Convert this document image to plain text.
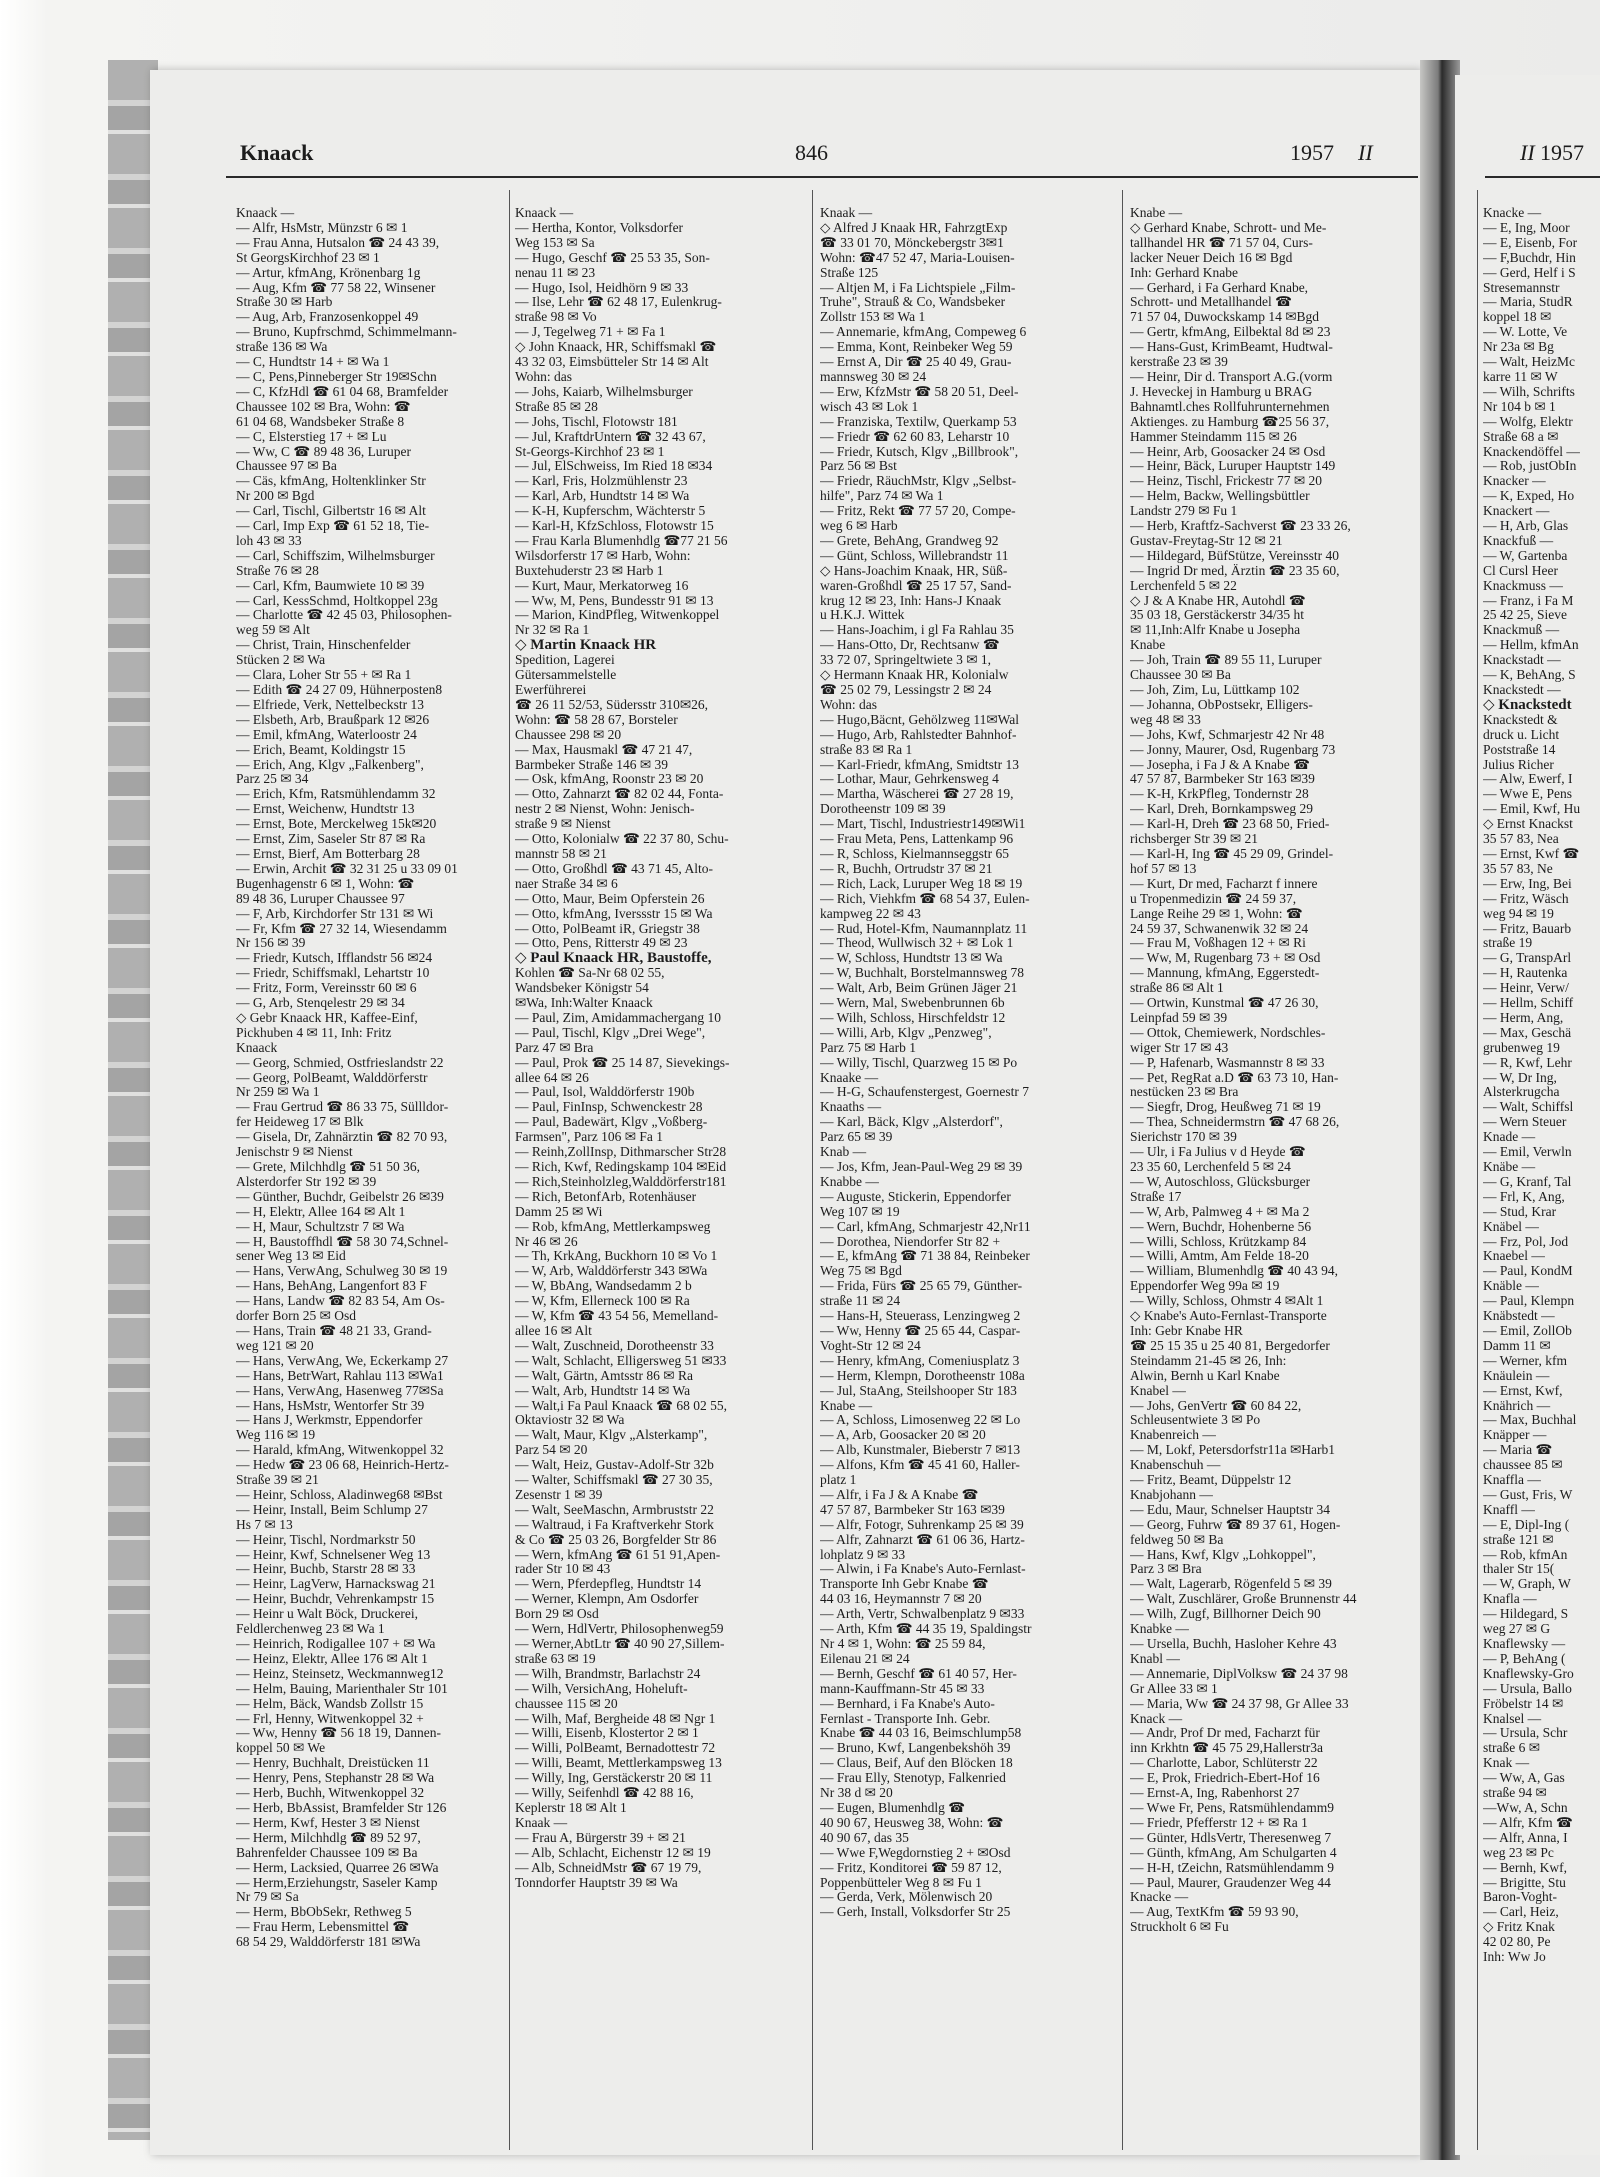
Knaack	846	1957 II	II 1957
Knaack —
— Alfr, HsMstr, Münzstr 6 ✉ 1
— Frau Anna, Hutsalon ☎ 24 43 39,
St GeorgsKirchhof 23 ✉ 1
— Artur, kfmAng, Krönenbarg 1g
— Aug, Kfm ☎ 77 58 22, Winsener
Straße 30 ✉ Harb
— Aug, Arb, Franzosenkoppel 49
— Bruno, Kupfrschmd, Schimmelmann-
straße 136 ✉ Wa
— C, Hundtstr 14 + ✉ Wa 1
— C, Pens,Pinneberger Str 19✉Schn
— C, KfzHdl ☎ 61 04 68, Bramfelder
Chaussee 102 ✉ Bra, Wohn: ☎
61 04 68, Wandsbeker Straße 8
— C, Elsterstieg 17 + ✉ Lu
— Ww, C ☎ 89 48 36, Luruper
Chaussee 97 ✉ Ba
— Cäs, kfmAng, Holtenklinker Str
Nr 200 ✉ Bgd
— Carl, Tischl, Gilbertstr 16 ✉ Alt
— Carl, Imp Exp ☎ 61 52 18, Tie-
loh 43 ✉ 33
— Carl, Schiffszim, Wilhelmsburger
Straße 76 ✉ 28
— Carl, Kfm, Baumwiete 10 ✉ 39
— Carl, KessSchmd, Holtkoppel 23g
— Charlotte ☎ 42 45 03, Philosophen-
weg 59 ✉ Alt
— Christ, Train, Hinschenfelder
Stücken 2 ✉ Wa
— Clara, Loher Str 55 + ✉ Ra 1
— Edith ☎ 24 27 09, Hühnerposten8
— Elfriede, Verk, Nettelbeckstr 13
— Elsbeth, Arb, Braußpark 12 ✉26
— Emil, kfmAng, Waterloostr 24
— Erich, Beamt, Koldingstr 15
— Erich, Ang, Klgv „Falkenberg",
Parz 25 ✉ 34
— Erich, Kfm, Ratsmühlendamm 32
— Ernst, Weichenw, Hundtstr 13
— Ernst, Bote, Merckelweg 15k✉20
— Ernst, Zim, Saseler Str 87 ✉ Ra
— Ernst, Bierf, Am Botterbarg 28
— Erwin, Archit ☎ 32 31 25 u 33 09 01
Bugenhagenstr 6 ✉ 1, Wohn: ☎
89 48 36, Luruper Chaussee 97
— F, Arb, Kirchdorfer Str 131 ✉ Wi
— Fr, Kfm ☎ 27 32 14, Wiesendamm
Nr 156 ✉ 39
— Friedr, Kutsch, Ifflandstr 56 ✉24
— Friedr, Schiffsmakl, Lehartstr 10
— Fritz, Form, Vereinsstr 60 ✉ 6
— G, Arb, Stenqelestr 29 ✉ 34
◇ Gebr Knaack HR, Kaffee-Einf,
Pickhuben 4 ✉ 11, Inh: Fritz
Knaack
— Georg, Schmied, Ostfrieslandstr 22
— Georg, PolBeamt, Walddörferstr
Nr 259 ✉ Wa 1
— Frau Gertrud ☎ 86 33 75, Süllldor-
fer Heideweg 17 ✉ Blk
— Gisela, Dr, Zahnärztin ☎ 82 70 93,
Jenischstr 9 ✉ Nienst
— Grete, Milchhdlg ☎ 51 50 36,
Alsterdorfer Str 192 ✉ 39
— Günther, Buchdr, Geibelstr 26 ✉39
— H, Elektr, Allee 164 ✉ Alt 1
— H, Maur, Schultzstr 7 ✉ Wa
— H, Baustoffhdl ☎ 58 30 74,Schnel-
sener Weg 13 ✉ Eid
— Hans, VerwAng, Schulweg 30 ✉ 19
— Hans, BehAng, Langenfort 83 F
— Hans, Landw ☎ 82 83 54, Am Os-
dorfer Born 25 ✉ Osd
— Hans, Train ☎ 48 21 33, Grand-
weg 121 ✉ 20
— Hans, VerwAng, We, Eckerkamp 27
— Hans, BetrWart, Rahlau 113 ✉Wa1
— Hans, VerwAng, Hasenweg 77✉Sa
— Hans, HsMstr, Wentorfer Str 39
— Hans J, Werkmstr, Eppendorfer
Weg 116 ✉ 19
— Harald, kfmAng, Witwenkoppel 32
— Hedw ☎ 23 06 68, Heinrich-Hertz-
Straße 39 ✉ 21
— Heinr, Schloss, Aladinweg68 ✉Bst
— Heinr, Install, Beim Schlump 27
Hs 7 ✉ 13
— Heinr, Tischl, Nordmarkstr 50
— Heinr, Kwf, Schnelsener Weg 13
— Heinr, Buchb, Starstr 28 ✉ 33
— Heinr, LagVerw, Harnackswag 21
— Heinr, Buchdr, Vehrenkampstr 15
— Heinr u Walt Böck, Druckerei,
Feldlerchenweg 23 ✉ Wa 1
— Heinrich, Rodigallee 107 + ✉ Wa
— Heinz, Elektr, Allee 176 ✉ Alt 1
— Heinz, Steinsetz, Weckmannweg12
— Helm, Bauing, Marienthaler Str 101
— Helm, Bäck, Wandsb Zollstr 15
— Frl, Henny, Witwenkoppel 32 +
— Ww, Henny ☎ 56 18 19, Dannen-
koppel 50 ✉ We
— Henry, Buchhalt, Dreistücken 11
— Henry, Pens, Stephanstr 28 ✉ Wa
— Herb, Buchh, Witwenkoppel 32
— Herb, BbAssist, Bramfelder Str 126
— Herm, Kwf, Hester 3 ✉ Nienst
— Herm, Milchhdlg ☎ 89 52 97,
Bahrenfelder Chaussee 109 ✉ Ba
— Herm, Lacksied, Quarree 26 ✉Wa
— Herm,Erziehungstr, Saseler Kamp
Nr 79 ✉ Sa
— Herm, BbObSekr, Rethweg 5
— Frau Herm, Lebensmittel ☎
68 54 29, Walddörferstr 181 ✉Wa
Knaack —
— Hertha, Kontor, Volksdorfer
Weg 153 ✉ Sa
— Hugo, Geschf ☎ 25 53 35, Son-
nenau 11 ✉ 23
— Hugo, Isol, Heidhörn 9 ✉ 33
— Ilse, Lehr ☎ 62 48 17, Eulenkrug-
straße 98 ✉ Vo
— J, Tegelweg 71 + ✉ Fa 1
◇ John Knaack, HR, Schiffsmakl ☎
43 32 03, Eimsbütteler Str 14 ✉ Alt
Wohn: das
— Johs, Kaiarb, Wilhelmsburger
Straße 85 ✉ 28
— Johs, Tischl, Flotowstr 181
— Jul, KraftdrUntern ☎ 32 43 67,
St-Georgs-Kirchhof 23 ✉ 1
— Jul, ElSchweiss, Im Ried 18 ✉34
— Karl, Fris, Holzmühlenstr 23
— Karl, Arb, Hundtstr 14 ✉ Wa
— K-H, Kupferschm, Wächterstr 5
— Karl-H, KfzSchloss, Flotowstr 15
— Frau Karla Blumenhdlg ☎77 21 56
Wilsdorferstr 17 ✉ Harb, Wohn:
Buxtehuderstr 23 ✉ Harb 1
— Kurt, Maur, Merkatorweg 16
— Ww, M, Pens, Bundesstr 91 ✉ 13
— Marion, KindPfleg, Witwenkoppel
Nr 32 ✉ Ra 1
◇ Martin Knaack HR
Spedition, Lagerei
Gütersammelstelle
Ewerführerei
☎ 26 11 52/53, Südersstr 310✉26,
Wohn: ☎ 58 28 67, Borsteler
Chaussee 298 ✉ 20
— Max, Hausmakl ☎ 47 21 47,
Barmbeker Straße 146 ✉ 39
— Osk, kfmAng, Roonstr 23 ✉ 20
— Otto, Zahnarzt ☎ 82 02 44, Fonta-
nestr 2 ✉ Nienst, Wohn: Jenisch-
straße 9 ✉ Nienst
— Otto, Kolonialw ☎ 22 37 80, Schu-
mannstr 58 ✉ 21
— Otto, Großhdl ☎ 43 71 45, Alto-
naer Straße 34 ✉ 6
— Otto, Maur, Beim Opferstein 26
— Otto, kfmAng, Iverssstr 15 ✉ Wa
— Otto, PolBeamt iR, Griegstr 38
— Otto, Pens, Ritterstr 49 ✉ 23
◇ Paul Knaack HR, Baustoffe,
Kohlen ☎ Sa-Nr 68 02 55,
Wandsbeker Königstr 54
✉Wa, Inh:Walter Knaack
— Paul, Zim, Amidammachergang 10
— Paul, Tischl, Klgv „Drei Wege",
Parz 47 ✉ Bra
— Paul, Prok ☎ 25 14 87, Sievekings-
allee 64 ✉ 26
— Paul, Isol, Walddörferstr 190b
— Paul, FinInsp, Schwenckestr 28
— Paul, Badewärt, Klgv „Voßberg-
Farmsen", Parz 106 ✉ Fa 1
— Reinh,ZollInsp, Dithmarscher Str28
— Rich, Kwf, Redingskamp 104 ✉Eid
— Rich,Steinholzleg,Walddörferstr181
— Rich, BetonfArb, Rotenhäuser
Damm 25 ✉ Wi
— Rob, kfmAng, Mettlerkampsweg
Nr 46 ✉ 26
— Th, KrkAng, Buckhorn 10 ✉ Vo 1
— W, Arb, Walddörferstr 343 ✉Wa
— W, BbAng, Wandsedamm 2 b
— W, Kfm, Ellerneck 100 ✉ Ra
— W, Kfm ☎ 43 54 56, Memelland-
allee 16 ✉ Alt
— Walt, Zuschneid, Dorotheenstr 33
— Walt, Schlacht, Elligersweg 51 ✉33
— Walt, Gärtn, Amtsstr 86 ✉ Ra
— Walt, Arb, Hundtstr 14 ✉ Wa
— Walt,i Fa Paul Knaack ☎ 68 02 55,
Oktaviostr 32 ✉ Wa
— Walt, Maur, Klgv „Alsterkamp",
Parz 54 ✉ 20
— Walt, Heiz, Gustav-Adolf-Str 32b
— Walter, Schiffsmakl ☎ 27 30 35,
Zesenstr 1 ✉ 39
— Walt, SeeMaschn, Armbruststr 22
— Waltraud, i Fa Kraftverkehr Stork
& Co ☎ 25 03 26, Borgfelder Str 86
— Wern, kfmAng ☎ 61 51 91,Apen-
rader Str 10 ✉ 43
— Wern, Pferdepfleg, Hundtstr 14
— Werner, Klempn, Am Osdorfer
Born 29 ✉ Osd
— Wern, HdlVertr, Philosophenweg59
— Werner,AbtLtr ☎ 40 90 27,Sillem-
straße 63 ✉ 19
— Wilh, Brandmstr, Barlachstr 24
— Wilh, VersichAng, Hoheluft-
chaussee 115 ✉ 20
— Wilh, Maf, Bergheide 48 ✉ Ngr 1
— Willi, Eisenb, Klostertor 2 ✉ 1
— Willi, PolBeamt, Bernadottestr 72
— Willi, Beamt, Mettlerkampsweg 13
— Willy, Ing, Gerstäckerstr 20 ✉ 11
— Willy, Seifenhdl ☎ 42 88 16,
Keplerstr 18 ✉ Alt 1
Knaak —
— Frau A, Bürgerstr 39 + ✉ 21
— Alb, Schlacht, Eichenstr 12 ✉ 19
— Alb, SchneidMstr ☎ 67 19 79,
Tonndorfer Hauptstr 39 ✉ Wa
Knaak —
◇ Alfred J Knaak HR, FahrzgtExp
☎ 33 01 70, Mönckebergstr 3✉1
Wohn: ☎47 52 47, Maria-Louisen-
Straße 125
— Altjen M, i Fa Lichtspiele „Film-
Truhe", Strauß & Co, Wandsbeker
Zollstr 153 ✉ Wa 1
— Annemarie, kfmAng, Compeweg 6
— Emma, Kont, Reinbeker Weg 59
— Ernst A, Dir ☎ 25 40 49, Grau-
mannsweg 30 ✉ 24
— Erw, KfzMstr ☎ 58 20 51, Deel-
wisch 43 ✉ Lok 1
— Franziska, Textilw, Querkamp 53
— Friedr ☎ 62 60 83, Leharstr 10
— Friedr, Kutsch, Klgv „Billbrook",
Parz 56 ✉ Bst
— Friedr, RäuchMstr, Klgv „Selbst-
hilfe", Parz 74 ✉ Wa 1
— Fritz, Rekt ☎ 77 57 20, Compe-
weg 6 ✉ Harb
— Grete, BehAng, Grandweg 92
— Günt, Schloss, Willebrandstr 11
◇ Hans-Joachim Knaak, HR, Süß-
waren-Großhdl ☎ 25 17 57, Sand-
krug 12 ✉ 23, Inh: Hans-J Knaak
u H.K.J. Wittek
— Hans-Joachim, i gl Fa Rahlau 35
— Hans-Otto, Dr, Rechtsanw ☎
33 72 07, Springeltwiete 3 ✉ 1,
◇ Hermann Knaak HR, Kolonialw
☎ 25 02 79, Lessingstr 2 ✉ 24
Wohn: das
— Hugo,Bäcnt, Gehölzweg 11✉Wal
— Hugo, Arb, Rahlstedter Bahnhof-
straße 83 ✉ Ra 1
— Karl-Friedr, kfmAng, Smidtstr 13
— Lothar, Maur, Gehrkensweg 4
— Martha, Wäscherei ☎ 27 28 19,
Dorotheenstr 109 ✉ 39
— Mart, Tischl, Industriestr149✉Wi1
— Frau Meta, Pens, Lattenkamp 96
— R, Schloss, Kielmannseggstr 65
— R, Buchh, Ortrudstr 37 ✉ 21
— Rich, Lack, Luruper Weg 18 ✉ 19
— Rich, Viehkfm ☎ 68 54 37, Eulen-
kampweg 22 ✉ 43
— Rud, Hotel-Kfm, Naumannplatz 11
— Theod, Wullwisch 32 + ✉ Lok 1
— W, Schloss, Hundtstr 13 ✉ Wa
— W, Buchhalt, Borstelmannsweg 78
— Walt, Arb, Beim Grünen Jäger 21
— Wern, Mal, Swebenbrunnen 6b
— Wilh, Schloss, Hirschfeldstr 12
— Willi, Arb, Klgv „Penzweg",
Parz 75 ✉ Harb 1
— Willy, Tischl, Quarzweg 15 ✉ Po
Knaake —
— H-G, Schaufenstergest, Goernestr 7
Knaaths —
— Karl, Bäck, Klgv „Alsterdorf",
Parz 65 ✉ 39
Knab —
— Jos, Kfm, Jean-Paul-Weg 29 ✉ 39
Knabbe —
— Auguste, Stickerin, Eppendorfer
Weg 107 ✉ 19
— Carl, kfmAng, Schmarjestr 42,Nr11
— Dorothea, Niendorfer Str 82 +
— E, kfmAng ☎ 71 38 84, Reinbeker
Weg 75 ✉ Bgd
— Frida, Fürs ☎ 25 65 79, Günther-
straße 11 ✉ 24
— Hans-H, Steuerass, Lenzingweg 2
— Ww, Henny ☎ 25 65 44, Caspar-
Voght-Str 12 ✉ 24
— Henry, kfmAng, Comeniusplatz 3
— Herm, Klempn, Dorotheenstr 108a
— Jul, StaAng, Steilshooper Str 183
Knabe —
— A, Schloss, Limosenweg 22 ✉ Lo
— A, Arb, Goosacker 20 ✉ 20
— Alb, Kunstmaler, Bieberstr 7 ✉13
— Alfons, Kfm ☎ 45 41 60, Haller-
platz 1
— Alfr, i Fa J & A Knabe ☎
47 57 87, Barmbeker Str 163 ✉39
— Alfr, Fotogr, Suhrenkamp 25 ✉ 39
— Alfr, Zahnarzt ☎ 61 06 36, Hartz-
lohplatz 9 ✉ 33
— Alwin, i Fa Knabe's Auto-Fernlast-
Transporte Inh Gebr Knabe ☎
44 03 16, Heymannstr 7 ✉ 20
— Arth, Vertr, Schwalbenplatz 9 ✉33
— Arth, Kfm ☎ 44 35 19, Spaldingstr
Nr 4 ✉ 1, Wohn: ☎ 25 59 84,
Eilenau 21 ✉ 24
— Bernh, Geschf ☎ 61 40 57, Her-
mann-Kauffmann-Str 45 ✉ 33
— Bernhard, i Fa Knabe's Auto-
Fernlast - Transporte Inh. Gebr.
Knabe ☎ 44 03 16, Beimschlump58
— Bruno, Kwf, Langenbekshöh 39
— Claus, Beif, Auf den Blöcken 18
— Frau Elly, Stenotyp, Falkenried
Nr 38 d ✉ 20
— Eugen, Blumenhdlg ☎
40 90 67, Heusweg 38, Wohn: ☎
40 90 67, das 35
— Wwe F,Wegdornstieg 2 + ✉Osd
— Fritz, Konditorei ☎ 59 87 12,
Poppenbütteler Weg 8 ✉ Fu 1
— Gerda, Verk, Mölenwisch 20
— Gerh, Install, Volksdorfer Str 25
Knabe —
◇ Gerhard Knabe, Schrott- und Me-
tallhandel HR ☎ 71 57 04, Curs-
lacker Neuer Deich 16 ✉ Bgd
Inh: Gerhard Knabe
— Gerhard, i Fa Gerhard Knabe,
Schrott- und Metallhandel ☎
71 57 04, Duwockskamp 14 ✉Bgd
— Gertr, kfmAng, Eilbektal 8d ✉ 23
— Hans-Gust, KrimBeamt, Hudtwal-
kerstraße 23 ✉ 39
— Heinr, Dir d. Transport A.G.(vorm
J. Heveckej in Hamburg u BRAG
Bahnamtl.ches Rollfuhrunternehmen
Aktienges. zu Hamburg ☎25 56 37,
Hammer Steindamm 115 ✉ 26
— Heinr, Arb, Goosacker 24 ✉ Osd
— Heinr, Bäck, Luruper Hauptstr 149
— Heinz, Tischl, Frickestr 77 ✉ 20
— Helm, Backw, Wellingsbüttler
Landstr 279 ✉ Fu 1
— Herb, Kraftfz-Sachverst ☎ 23 33 26,
Gustav-Freytag-Str 12 ✉ 21
— Hildegard, BüfStütze, Vereinsstr 40
— Ingrid Dr med, Ärztin ☎ 23 35 60,
Lerchenfeld 5 ✉ 22
◇ J & A Knabe HR, Autohdl ☎
35 03 18, Gerstäckerstr 34/35 ht
✉ 11,Inh:Alfr Knabe u Josepha
Knabe
— Joh, Train ☎ 89 55 11, Luruper
Chaussee 30 ✉ Ba
— Joh, Zim, Lu, Lüttkamp 102
— Johanna, ObPostsekr, Elligers-
weg 48 ✉ 33
— Johs, Kwf, Schmarjestr 42 Nr 48
— Jonny, Maurer, Osd, Rugenbarg 73
— Josepha, i Fa J & A Knabe ☎
47 57 87, Barmbeker Str 163 ✉39
— K-H, KrkPfleg, Tondernstr 28
— Karl, Dreh, Bornkampsweg 29
— Karl-H, Dreh ☎ 23 68 50, Fried-
richsberger Str 39 ✉ 21
— Karl-H, Ing ☎ 45 29 09, Grindel-
hof 57 ✉ 13
— Kurt, Dr med, Facharzt f innere
u Tropenmedizin ☎ 24 59 37,
Lange Reihe 29 ✉ 1, Wohn: ☎
24 59 37, Schwanenwik 32 ✉ 24
— Frau M, Voßhagen 12 + ✉ Ri
— Ww, M, Rugenbarg 73 + ✉ Osd
— Mannung, kfmAng, Eggerstedt-
straße 86 ✉ Alt 1
— Ortwin, Kunstmal ☎ 47 26 30,
Leinpfad 59 ✉ 39
— Ottok, Chemiewerk, Nordschles-
wiger Str 17 ✉ 43
— P, Hafenarb, Wasmannstr 8 ✉ 33
— Pet, RegRat a.D ☎ 63 73 10, Han-
nestücken 23 ✉ Bra
— Siegfr, Drog, Heußweg 71 ✉ 19
— Thea, Schneidermstrn ☎ 47 68 26,
Sierichstr 170 ✉ 39
— Ulr, i Fa Julius v d Heyde ☎
23 35 60, Lerchenfeld 5 ✉ 24
— W, Autoschloss, Glücksburger
Straße 17
— W, Arb, Palmweg 4 + ✉ Ma 2
— Wern, Buchdr, Hohenberne 56
— Willi, Schloss, Krützkamp 84
— Willi, Amtm, Am Felde 18-20
— William, Blumenhdlg ☎ 40 43 94,
Eppendorfer Weg 99a ✉ 19
— Willy, Schloss, Ohmstr 4 ✉Alt 1
◇ Knabe's Auto-Fernlast-Transporte
Inh: Gebr Knabe HR
☎ 25 15 35 u 25 40 81, Bergedorfer
Steindamm 21-45 ✉ 26, Inh:
Alwin, Bernh u Karl Knabe
Knabel —
— Johs, GenVertr ☎ 60 84 22,
Schleusentwiete 3 ✉ Po
Knabenreich —
— M, Lokf, Petersdorfstr11a ✉Harb1
Knabenschuh —
— Fritz, Beamt, Düppelstr 12
Knabjohann —
— Edu, Maur, Schnelser Hauptstr 34
— Georg, Fuhrw ☎ 89 37 61, Hogen-
feldweg 50 ✉ Ba
— Hans, Kwf, Klgv „Lohkoppel",
Parz 3 ✉ Bra
— Walt, Lagerarb, Rögenfeld 5 ✉ 39
— Walt, Zuschlärer, Große Brunnenstr 44
— Wilh, Zugf, Billhorner Deich 90
Knabke —
— Ursella, Buchh, Hasloher Kehre 43
Knabl —
— Annemarie, DiplVolksw ☎ 24 37 98
Gr Allee 33 ✉ 1
— Maria, Ww ☎ 24 37 98, Gr Allee 33
Knack —
— Andr, Prof Dr med, Facharzt für
inn Krkhtn ☎ 45 75 29,Hallerstr3a
— Charlotte, Labor, Schlüterstr 22
— E, Prok, Friedrich-Ebert-Hof 16
— Ernst-A, Ing, Rabenhorst 27
— Wwe Fr, Pens, Ratsmühlendamm9
— Friedr, Pfefferstr 12 + ✉ Ra 1
— Günter, HdlsVertr, Theresenweg 7
— Günth, kfmAng, Am Schulgarten 4
— H-H, tZeichn, Ratsmühlendamm 9
— Paul, Maurer, Graudenzer Weg 44
Knacke —
— Aug, TextKfm ☎ 59 93 90,
Struckholt 6 ✉ Fu
Knacke —
— E, Ing, Moor
— E, Eisenb, For
— F,Buchdr, Hin
— Gerd, Helf i S
Stresemannstr
— Maria, StudR
koppel 18 ✉
— W. Lotte, Ve
Nr 23a ✉ Bg
— Walt, HeizMc
karre 11 ✉ W
— Wilh, Schrifts
Nr 104 b ✉ 1
— Wolfg, Elektr
Straße 68 a ✉
Knackendöffel —
— Rob, justObIn
Knacker —
— K, Exped, Ho
Knackert —
— H, Arb, Glas
Knackfuß —
— W, Gartenba
Cl Cursl Heer
Knackmuss —
— Franz, i Fa M
25 42 25, Sieve
Knackmuß —
— Hellm, kfmAn
Knackstadt —
— K, BehAng, S
Knackstedt —
◇ Knackstedt
Knackstedt &
druck u. Licht
Poststraße 14
Julius Richer
— Alw, Ewerf, I
— Wwe E, Pens
— Emil, Kwf, Hu
◇ Ernst Knackst
35 57 83, Nea
— Ernst, Kwf ☎
35 57 83, Ne
— Erw, Ing, Bei
— Fritz, Wäsch
weg 94 ✉ 19
— Fritz, Bauarb
straße 19
— G, TranspArl
— H, Rautenka
— Heinr, Verw/
— Hellm, Schiff
— Herm, Ang,
— Max, Geschä
grubenweg 19
— R, Kwf, Lehr
— W, Dr Ing,
Alsterkrugcha
— Walt, Schiffsl
— Wern Steuer
Knade —
— Emil, Verwln
Knäbe —
— G, Kranf, Tal
— Frl, K, Ang,
— Stud, Krar
Knäbel —
— Frz, Pol, Jod
Knaebel —
— Paul, KondM
Knäble —
— Paul, Klempn
Knäbstedt —
— Emil, ZollOb
Damm 11 ✉
— Werner, kfm
Knäulein —
— Ernst, Kwf,
Knährich —
— Max, Buchhal
Knäpper —
— Maria ☎
chaussee 85 ✉
Knaffla —
— Gust, Fris, W
Knaffl —
— E, Dipl-Ing (
straße 121 ✉
— Rob, kfmAn
thaler Str 15(
— W, Graph, W
Knafla —
— Hildegard, S
weg 27 ✉ G
Knaflewsky —
— P, BehAng (
Knaflewsky-Gro
— Ursula, Ballo
Fröbelstr 14 ✉
Knalsel —
— Ursula, Schr
straße 6 ✉
Knak —
— Ww, A, Gas
straße 94 ✉
—Ww, A, Schn
— Alfr, Kfm ☎
— Alfr, Anna, I
weg 23 ✉ Pc
— Bernh, Kwf,
— Brigitte, Stu
Baron-Voght-
— Carl, Heiz,
◇ Fritz Knak
42 02 80, Pe
Inh: Ww Jo
